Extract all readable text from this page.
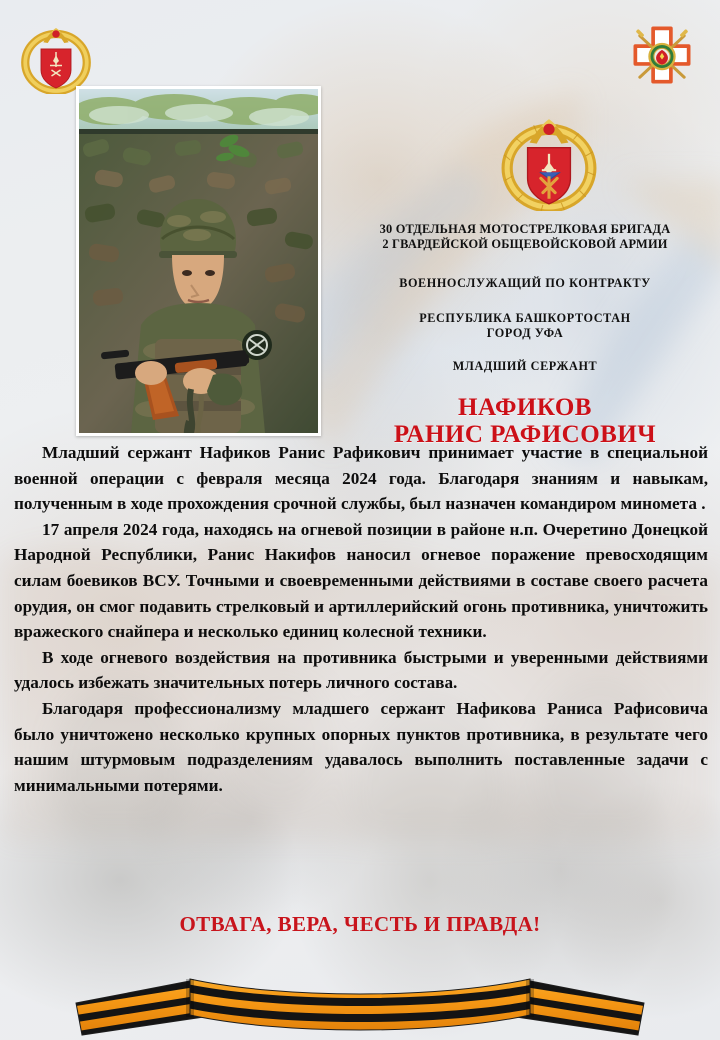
30 ОТДЕЛЬНАЯ МОТОСТРЕЛКОВАЯ БРИГАДА
2 ГВАРДЕЙСКОЙ ОБЩЕВОЙСКОВОЙ АРМИИ
ВОЕННОСЛУЖАЩИЙ ПО КОНТРАКТУ
РЕСПУБЛИКА БАШКОРТОСТАН
ГОРОД УФА
МЛАДШИЙ СЕРЖАНТ
НАФИКОВ
РАНИС РАФИСОВИЧ

Младший сержант Нафиков Ранис Рафикович принимает участие в специальной военной операции с февраля месяца 2024 года. Благодаря знаниям и навыкам, полученным в ходе прохождения срочной службы, был назначен командиром миномета .

17 апреля 2024 года, находясь на огневой позиции в районе н.п. Очеретино Донецкой Народной Республики, Ранис Накифов наносил огневое поражение превосходящим силам боевиков ВСУ. Точными и своевременными действиями в составе своего расчета орудия, он смог подавить стрелковый и артиллерийский огонь противника, уничтожить вражеского снайпера и несколько единиц колесной техники.

В ходе огневого воздействия на противника быстрыми и уверенными действиями удалось избежать значительных потерь личного состава.

Благодаря профессионализму младшего сержант Нафикова Раниса Рафисовича было уничтожено несколько крупных опорных пунктов противника, в результате чего нашим штурмовым подразделениям удавалось выполнить поставленные задачи с минимальными потерями.

ОТВАГА, ВЕРА, ЧЕСТЬ И ПРАВДА!
